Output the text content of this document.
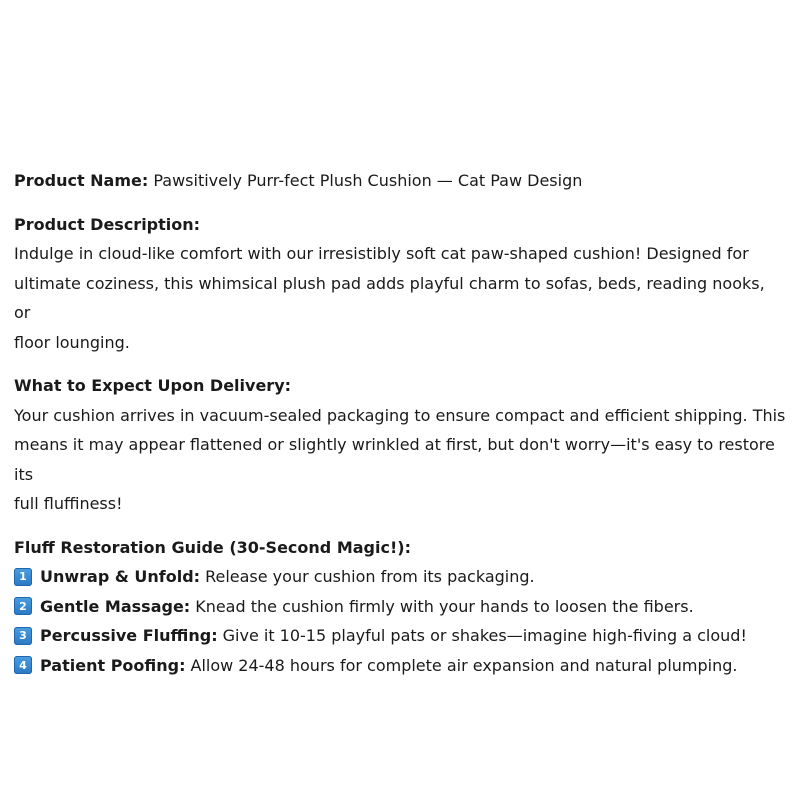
Product Name: Pawsitively Purr-fect Plush Cushion — Cat Paw Design

Product Description:

Indulge in cloud-like comfort with our irresistibly soft cat paw-shaped cushion! Designed for

ultimate coziness, this whimsical plush pad adds playful charm to sofas, beds, reading nooks, or

floor lounging.

What to Expect Upon Delivery:

Your cushion arrives in vacuum-sealed packaging to ensure compact and efficient shipping. This

means it may appear flattened or slightly wrinkled at first, but don't worry—it's easy to restore its

full fluffiness!

Fluff Restoration Guide (30-Second Magic!):

1 Unwrap & Unfold: Release your cushion from its packaging.

2 Gentle Massage: Knead the cushion firmly with your hands to loosen the fibers.

3 Percussive Fluffing: Give it 10-15 playful pats or shakes—imagine high-fiving a cloud!

4 Patient Poofing: Allow 24-48 hours for complete air expansion and natural plumping.
